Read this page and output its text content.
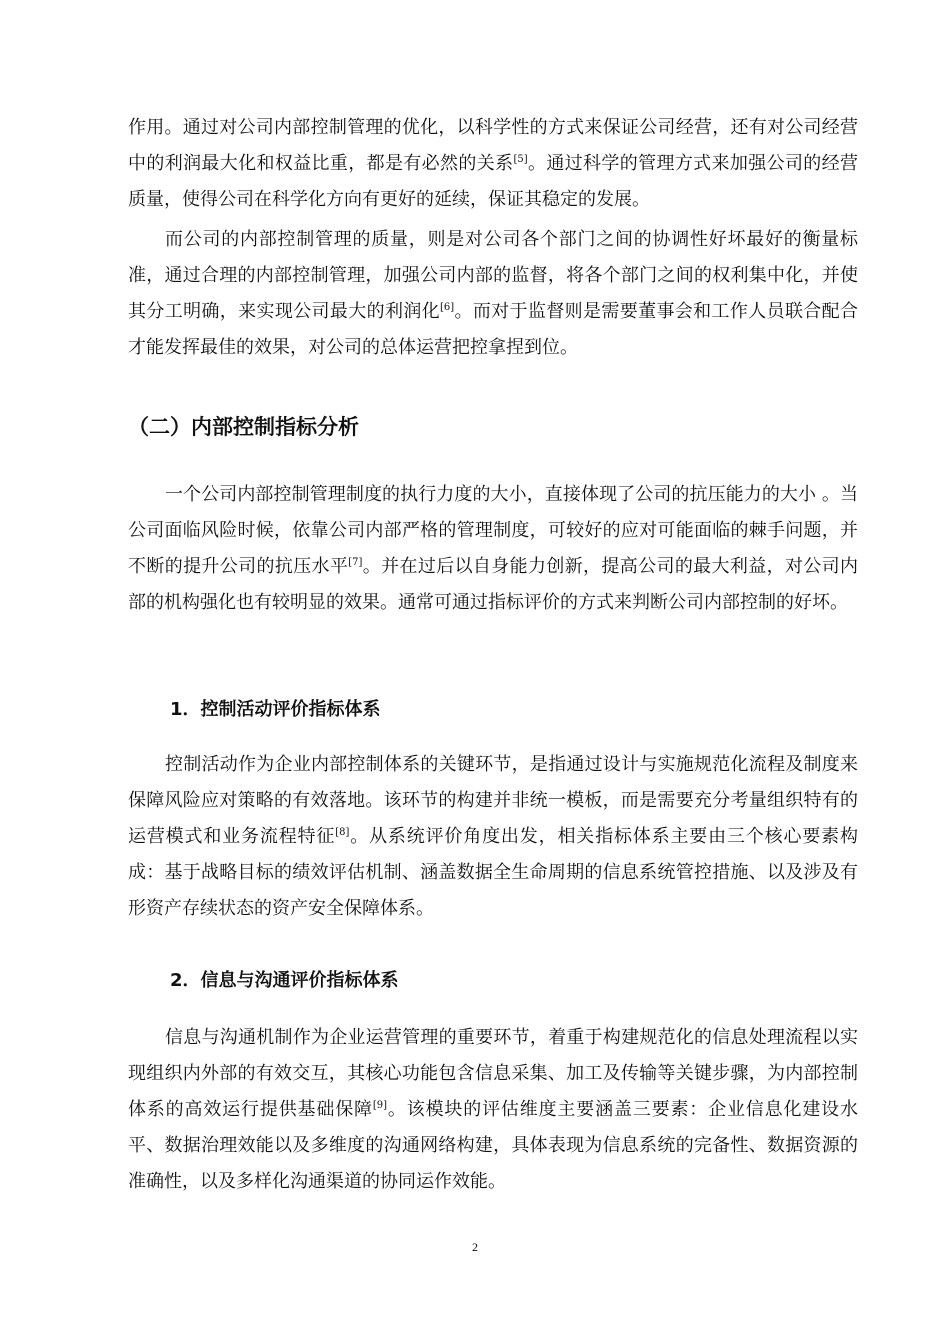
作用。通过对公司内部控制管理的优化，以科学性的方式来保证公司经营，还有对公司经营中的利润最大化和权益比重，都是有必然的关系[5]。通过科学的管理方式来加强公司的经营质量，使得公司在科学化方向有更好的延续，保证其稳定的发展。

而公司的内部控制管理的质量，则是对公司各个部门之间的协调性好坏最好的衡量标准，通过合理的内部控制管理，加强公司内部的监督，将各个部门之间的权利集中化，并使其分工明确，来实现公司最大的利润化[6]。而对于监督则是需要董事会和工作人员联合配合才能发挥最佳的效果，对公司的总体运营把控拿捏到位。

（二）内部控制指标分析

一个公司内部控制管理制度的执行力度的大小，直接体现了公司的抗压能力的大小 。当公司面临风险时候，依靠公司内部严格的管理制度，可较好的应对可能面临的棘手问题，并不断的提升公司的抗压水平[7]。并在过后以自身能力创新，提高公司的最大利益，对公司内部的机构强化也有较明显的效果。通常可通过指标评价的方式来判断公司内部控制的好坏。

1．控制活动评价指标体系

控制活动作为企业内部控制体系的关键环节，是指通过设计与实施规范化流程及制度来保障风险应对策略的有效落地。该环节的构建并非统一模板，而是需要充分考量组织特有的运营模式和业务流程特征[8]。从系统评价角度出发，相关指标体系主要由三个核心要素构成：基于战略目标的绩效评估机制、涵盖数据全生命周期的信息系统管控措施、以及涉及有形资产存续状态的资产安全保障体系。

2．信息与沟通评价指标体系

信息与沟通机制作为企业运营管理的重要环节，着重于构建规范化的信息处理流程以实现组织内外部的有效交互，其核心功能包含信息采集、加工及传输等关键步骤，为内部控制体系的高效运行提供基础保障[9]。该模块的评估维度主要涵盖三要素：企业信息化建设水平、数据治理效能以及多维度的沟通网络构建，具体表现为信息系统的完备性、数据资源的准确性，以及多样化沟通渠道的协同运作效能。

2
